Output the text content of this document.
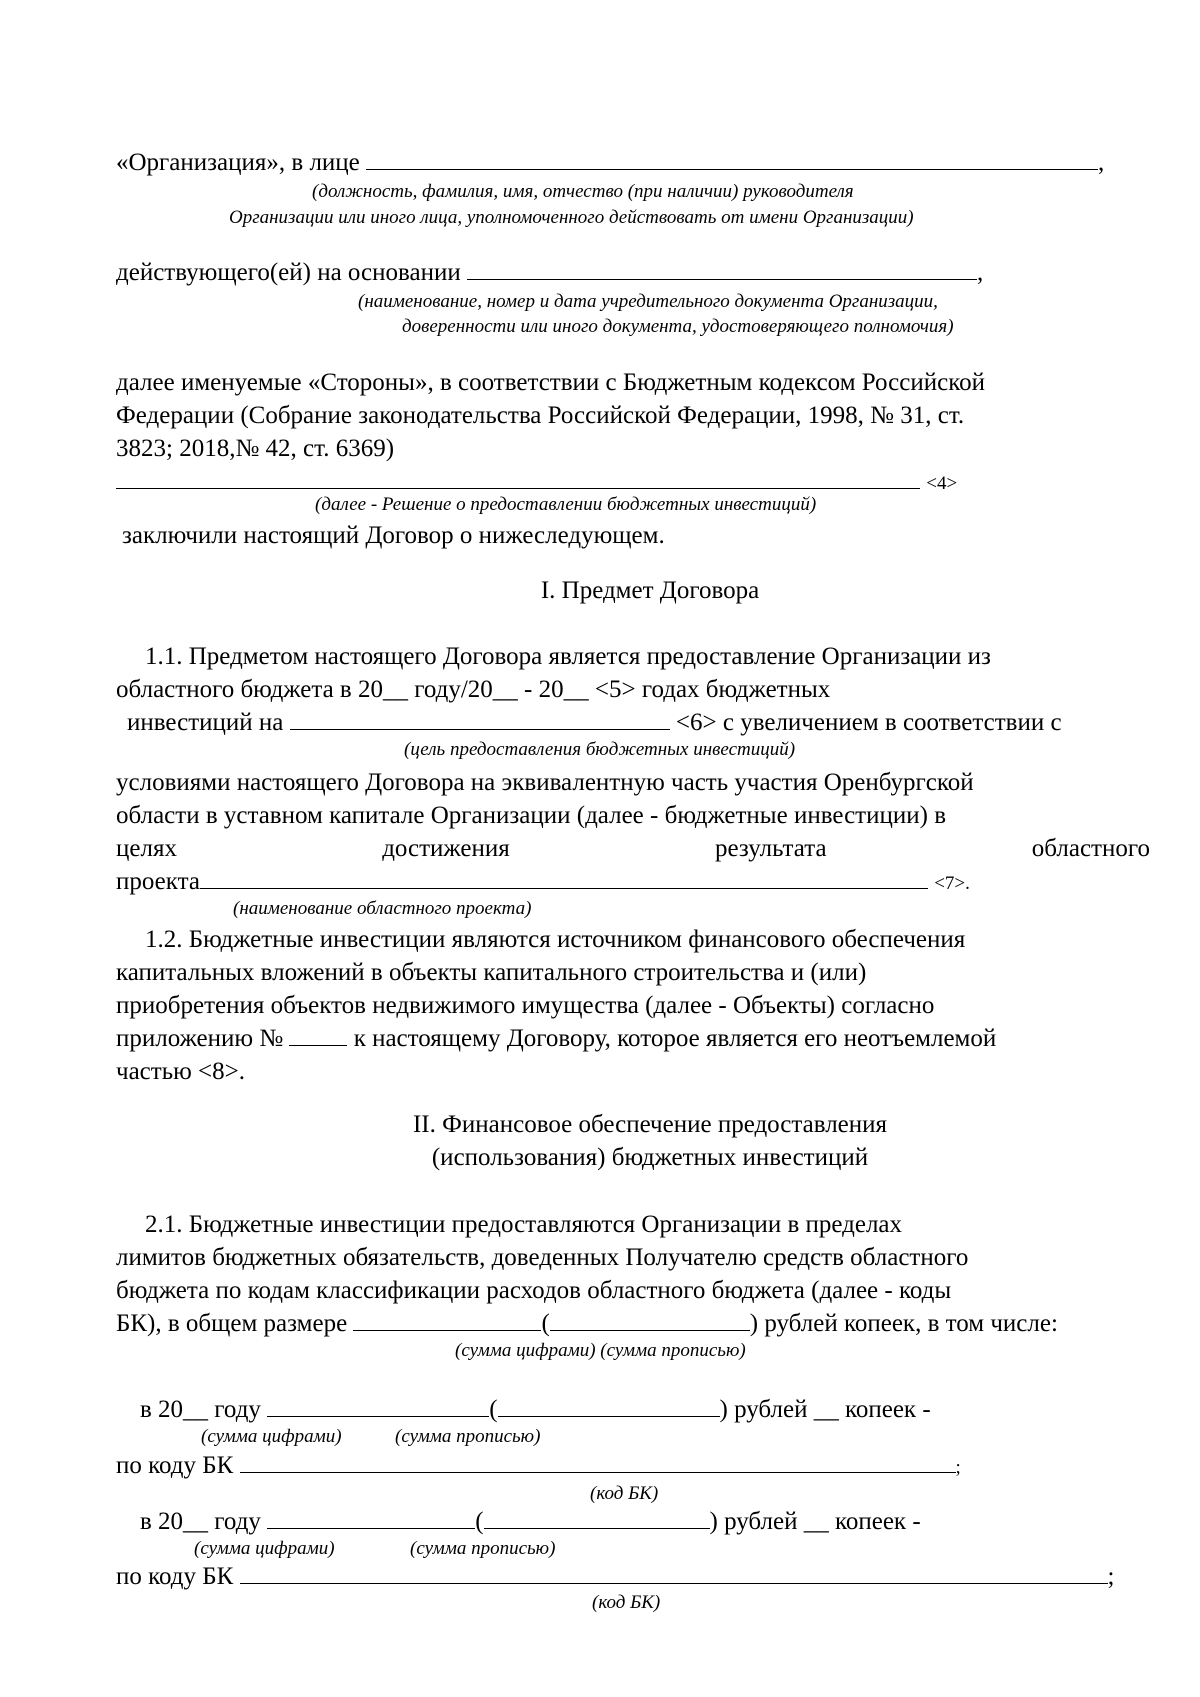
«Организация», в лице	,
(должность, фамилия, имя, отчество (при наличии) руководителя
Организации или иного лица, уполномоченного действовать от имени Организации)
действующего(ей) на основании	,
(наименование, номер и дата учредительного документа Организации,
доверенности или иного документа, удостоверяющего полномочия)
далее именуемые «Стороны», в соответствии с Бюджетным кодексом Российской
Федерации (Собрание законодательства Российской Федерации, 1998, № 31, ст.
3823; 2018,№ 42, ст. 6369)
<4>
(далее - Решение о предоставлении бюджетных инвестиций)
заключили настоящий Договор о нижеследующем.
I. Предмет Договора
1.1. Предметом настоящего Договора является предоставление Организации из
областного бюджета в 20__ году/20__ - 20__ <5> годах бюджетных
инвестиций на	<6> с увеличением в соответствии с
(цель предоставления бюджетных инвестиций)
условиями настоящего Договора на эквивалентную часть участия Оренбургской
области в уставном капитале Организации (далее - бюджетные инвестиции) в
целях	достижения	результата	областного
проекта	<7>.
(наименование областного проекта)
1.2. Бюджетные инвестиции являются источником финансового обеспечения
капитальных вложений в объекты капитального строительства и (или)
приобретения объектов недвижимого имущества (далее - Объекты) согласно
приложению №	к настоящему Договору, которое является его неотъемлемой
частью <8>.
II. Финансовое обеспечение предоставления
(использования) бюджетных инвестиций
2.1. Бюджетные инвестиции предоставляются Организации в пределах
лимитов бюджетных обязательств, доведенных Получателю средств областного
бюджета по кодам классификации расходов областного бюджета (далее - коды
БК), в общем размере	(	) рублей копеек, в том числе:
(сумма цифрами) (сумма прописью)
в 20__ году	(	) рублей __ копеек -
(сумма цифрами)	(сумма прописью)
по коду БК	;
(код БК)
в 20__ году	(	) рублей __ копеек -
(сумма цифрами)	(сумма прописью)
по коду БК	;
(код БК)
